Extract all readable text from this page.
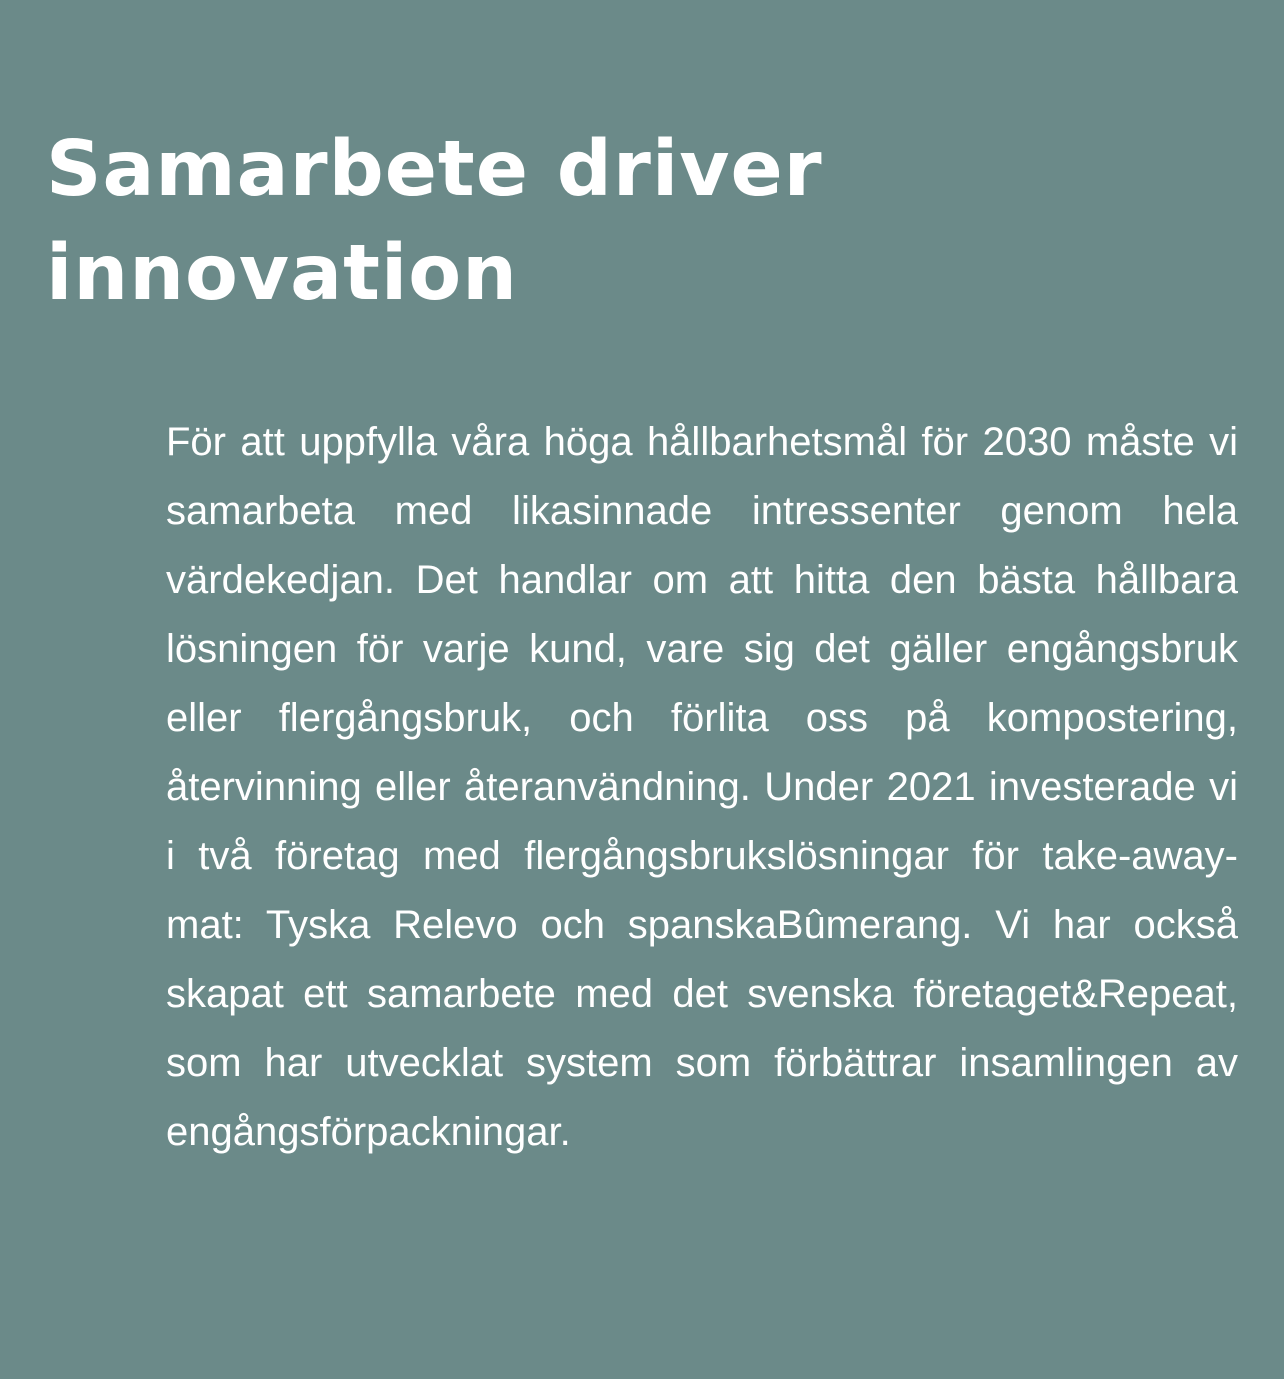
Samarbete driver
innovation

För att uppfylla våra höga hållbarhetsmål för 2030 måste vi samarbeta med likasinnade intressenter genom hela värdekedjan. Det handlar om att hitta den bästa hållbara lösningen för varje kund, vare sig det gäller engångsbruk eller flergångsbruk, och förlita oss på kompostering, återvinning eller återanvändning. Under 2021 investerade vi i två företag med flergångsbrukslösningar för take-away-mat: Tyska Relevo och spanskaBûmerang. Vi har också skapat ett samarbete med det svenska företaget&Repeat, som har utvecklat system som förbättrar insamlingen av engångsförpackningar.
